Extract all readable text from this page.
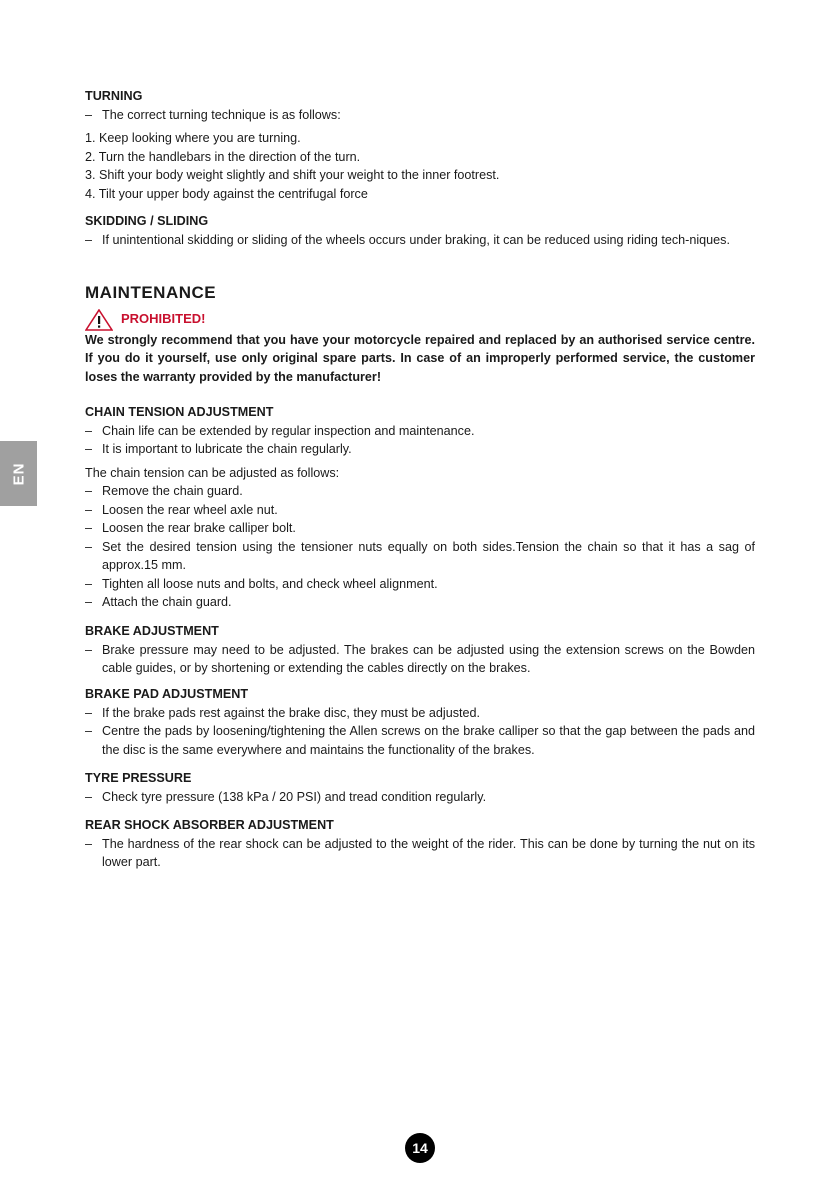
EN
TURNING
– The correct turning technique is as follows:
1. Keep looking where you are turning.
2. Turn the handlebars in the direction of the turn.
3. Shift your body weight slightly and shift your weight to the inner footrest.
4. Tilt your upper body against the centrifugal force
SKIDDING / SLIDING
– If unintentional skidding or sliding of the wheels occurs under braking, it can be reduced using riding tech-niques.
MAINTENANCE
PROHIBITED!
We strongly recommend that you have your motorcycle repaired and replaced by an authorised service centre. If you do it yourself, use only original spare parts. In case of an improperly performed service, the customer loses the warranty provided by the manufacturer!
CHAIN TENSION ADJUSTMENT
– Chain life can be extended by regular inspection and maintenance.
– It is important to lubricate the chain regularly.
The chain tension can be adjusted as follows:
– Remove the chain guard.
– Loosen the rear wheel axle nut.
– Loosen the rear brake calliper bolt.
– Set the desired tension using the tensioner nuts equally on both sides.Tension the chain so that it has a sag of approx.15 mm.
– Tighten all loose nuts and bolts, and check wheel alignment.
– Attach the chain guard.
BRAKE ADJUSTMENT
– Brake pressure may need to be adjusted. The brakes can be adjusted using the extension screws on the Bowden cable guides, or by shortening or extending the cables directly on the brakes.
BRAKE PAD ADJUSTMENT
– If the brake pads rest against the brake disc, they must be adjusted.
– Centre the pads by loosening/tightening the Allen screws on the brake calliper so that the gap between the pads and the disc is the same everywhere and maintains the functionality of the brakes.
TYRE PRESSURE
– Check tyre pressure (138 kPa / 20 PSI) and tread condition regularly.
REAR SHOCK ABSORBER ADJUSTMENT
– The hardness of the rear shock can be adjusted to the weight of the rider. This can be done by turning the nut on its lower part.
14
